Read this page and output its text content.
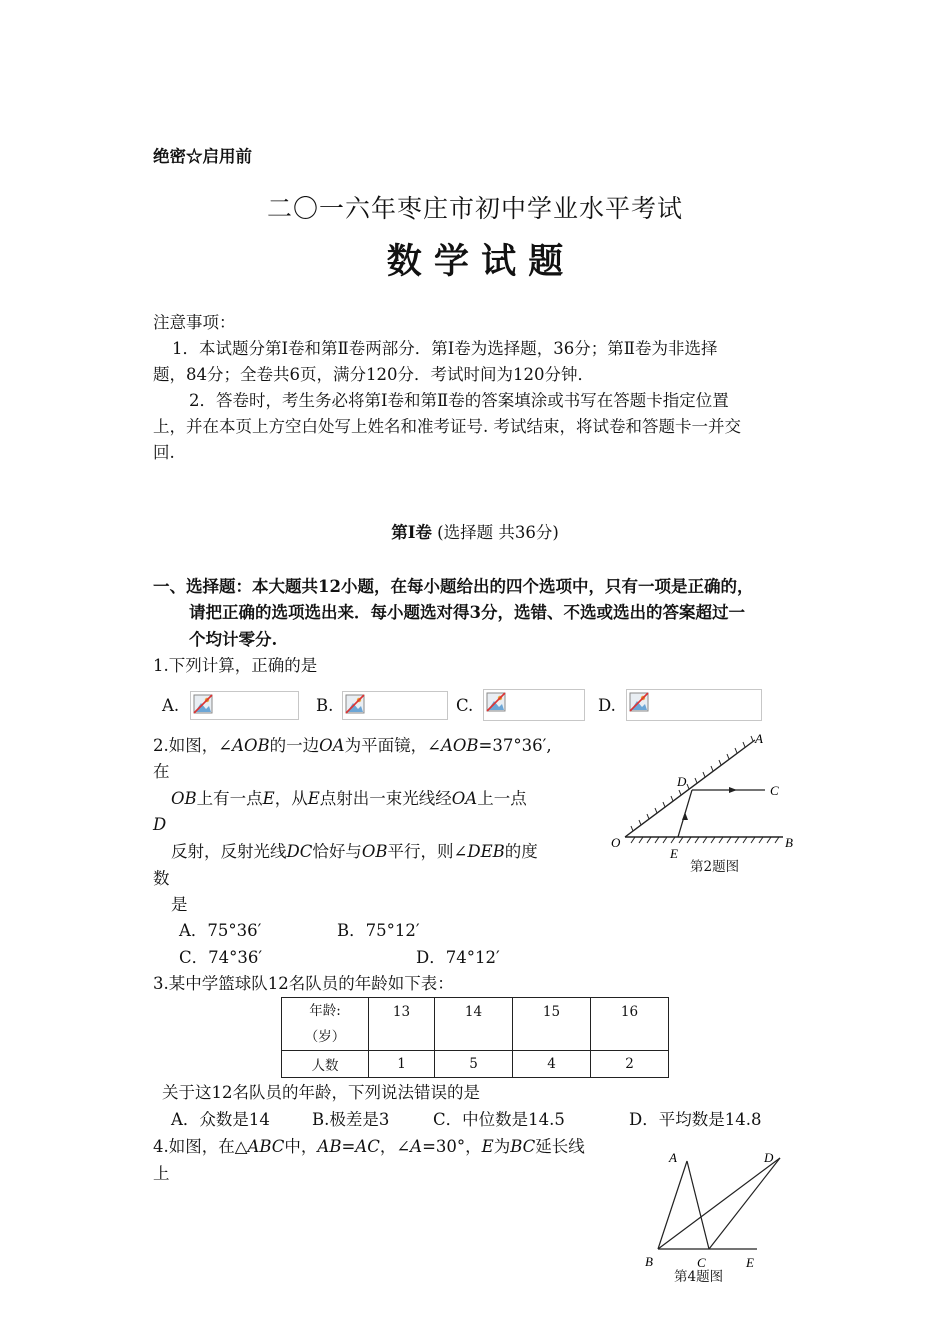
绝密☆启用前
二〇一六年枣庄市初中学业水平考试
数 学 试 题
注意事项：
1．本试题分第Ⅰ卷和第Ⅱ卷两部分．第Ⅰ卷为选择题，36分；第Ⅱ卷为非选择
题，84分；全卷共6页，满分120分．考试时间为120分钟．
2．答卷时，考生务必将第Ⅰ卷和第Ⅱ卷的答案填涂或书写在答题卡指定位置
上，并在本页上方空白处写上姓名和准考证号. 考试结束，将试卷和答题卡一并交
回.
第Ⅰ卷 (选择题 共36分)
一、选择题：本大题共12小题，在每小题给出的四个选项中，只有一项是正确的，
请把正确的选项选出来．每小题选对得3分，选错、不选或选出的答案超过一
个均计零分.
1.下列计算，正确的是
A.	B.	C.	D.
2.如图，∠AOB的一边OA为平面镜，∠AOB=37°36′,
在
OB上有一点E，从E点射出一束光线经OA上一点
D
反射，反射光线DC恰好与OB平行，则∠DEB的度
数
是
A．75°36′	B．75°12′
C．74°36′	D．74°12′
A
D
C
O
E
B
第2题图
3.某中学篮球队12名队员的年龄如下表：
年龄:
（岁）	13	14	15	16
人数	1	5	4	2
关于这12名队员的年龄，下列说法错误的是
A．众数是14	B.极差是3	C．中位数是14.5	D．平均数是14.8
4.如图，在△ABC中，AB=AC，∠A=30°，E为BC延长线
上
A	D
B	C	E
第4题图
